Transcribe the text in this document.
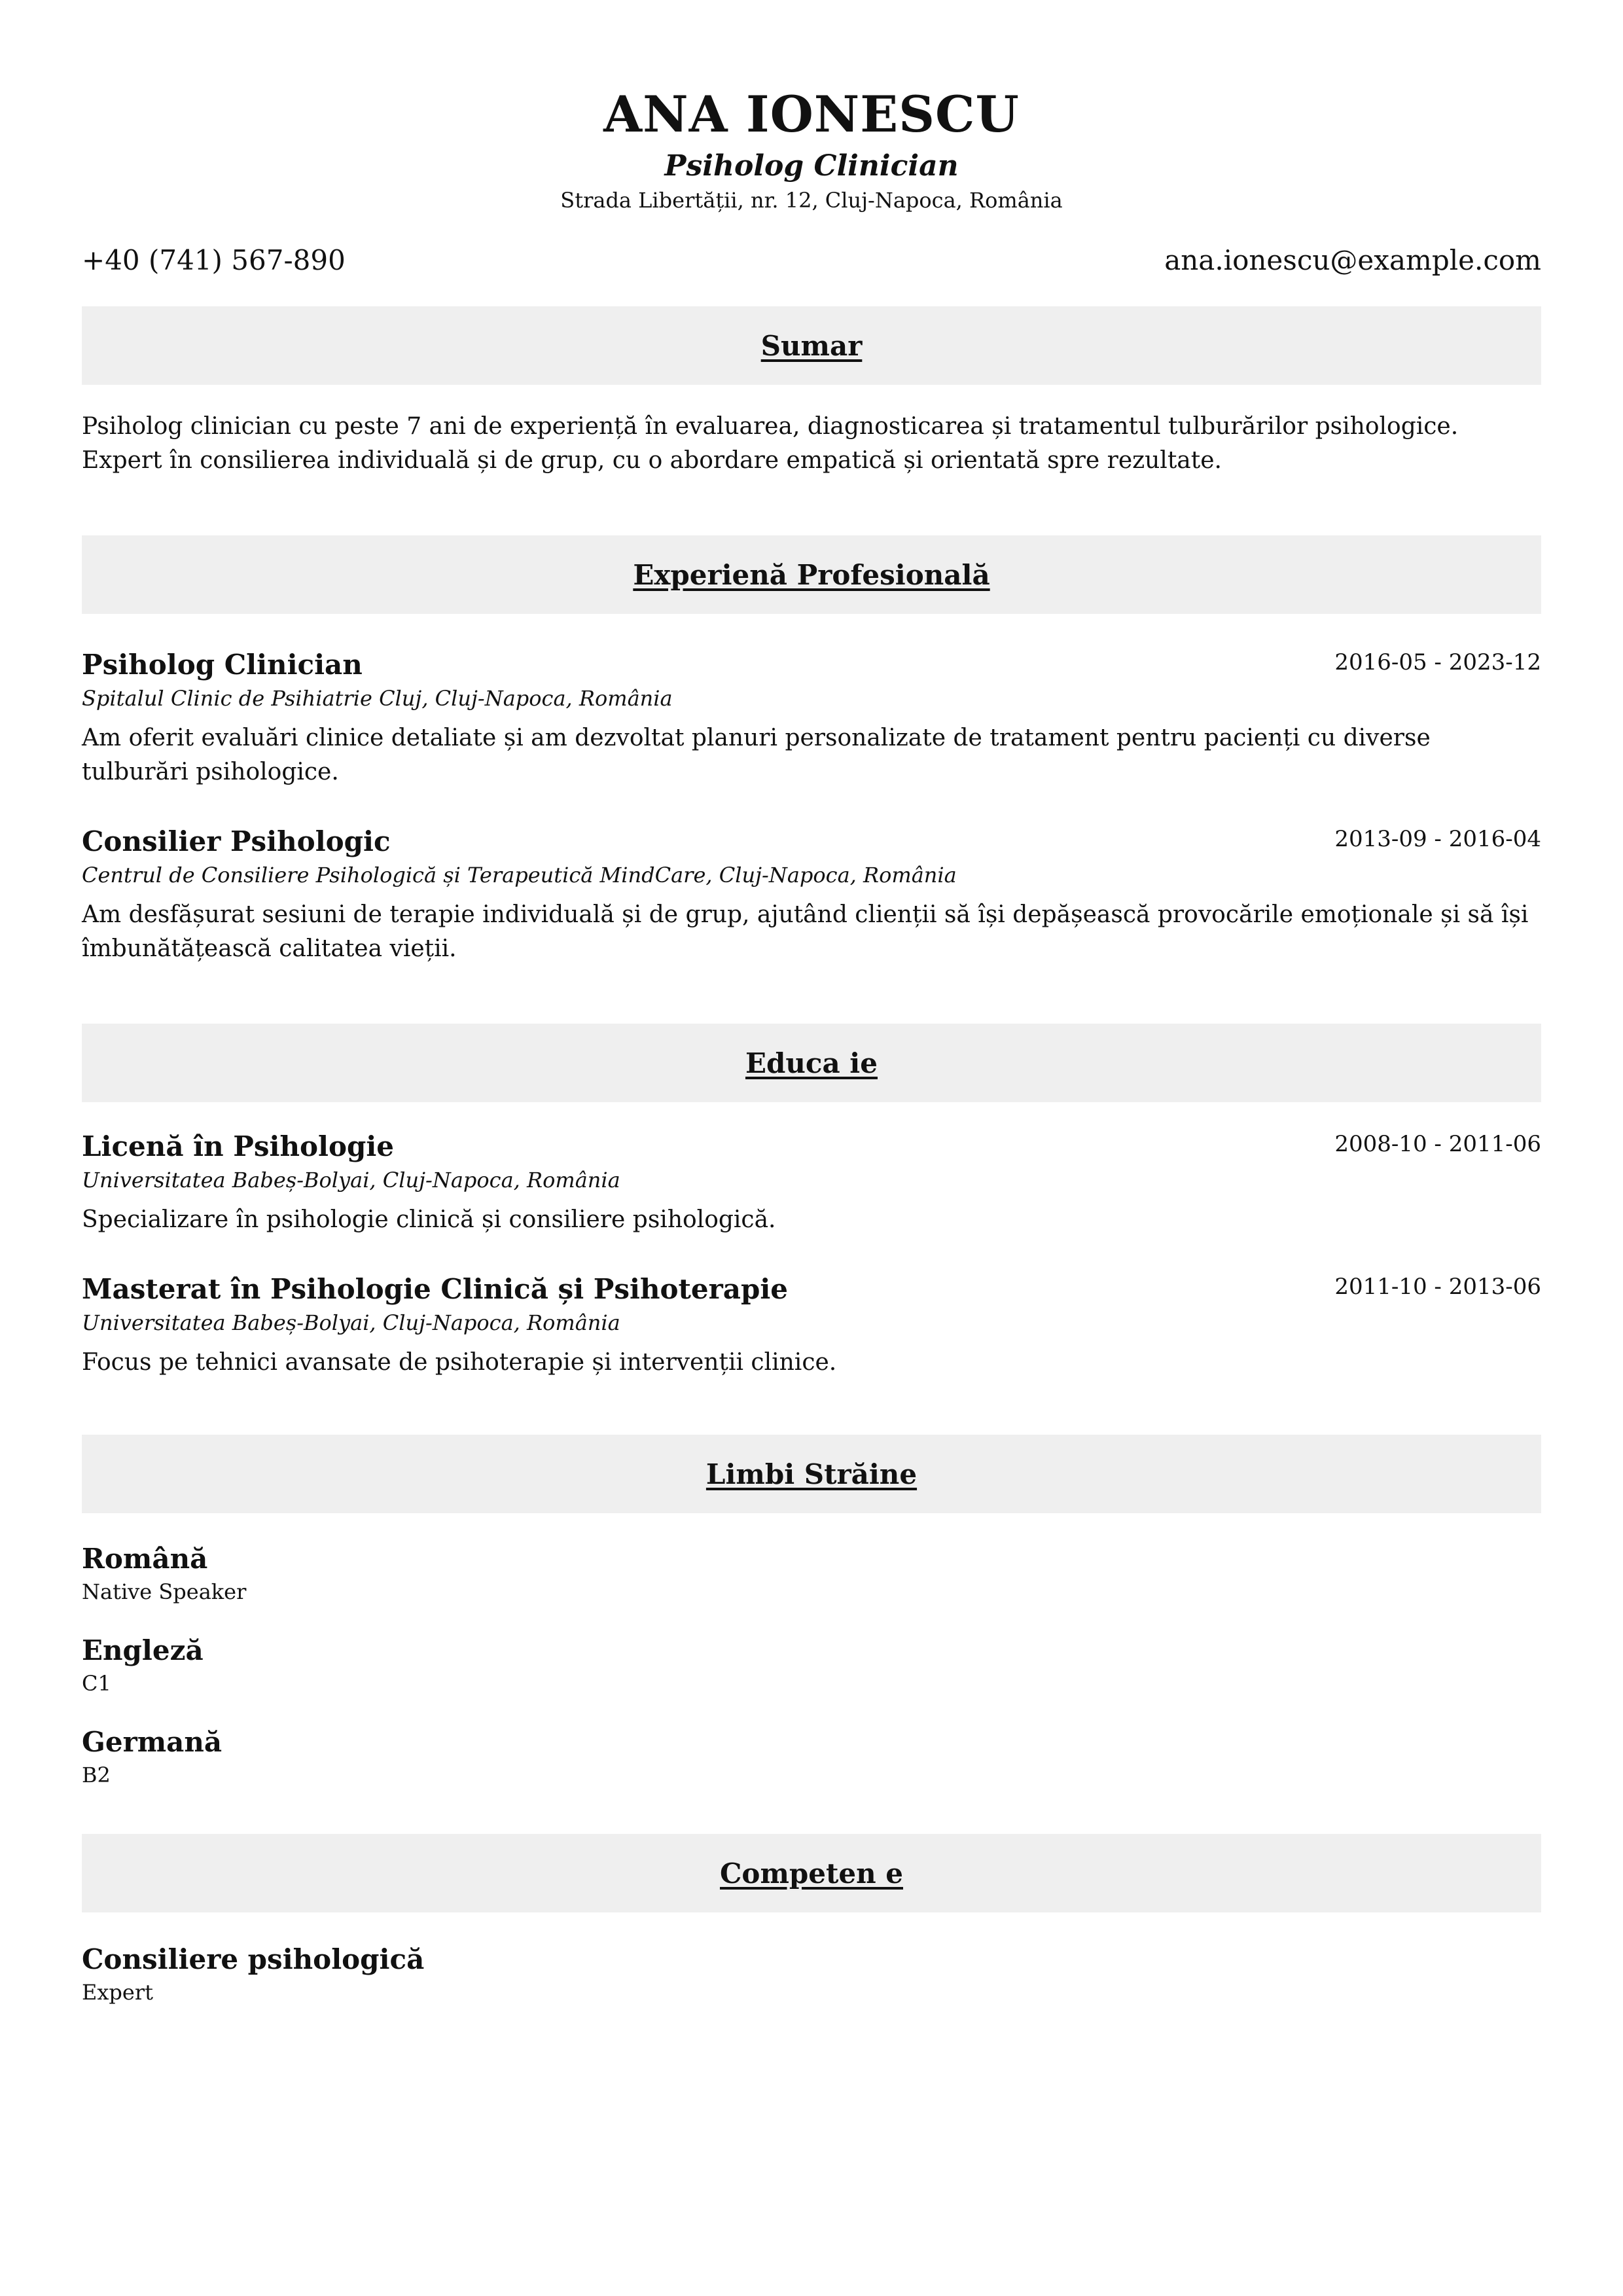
ANA IONESCU
Psiholog Clinician
Strada Libertății, nr. 12, Cluj-Napoca, România
+40 (741) 567-890	ana.ionescu@example.com
Sumar
Psiholog clinician cu peste 7 ani de experiență în evaluarea, diagnosticarea și tratamentul tulburărilor psihologice. Expert în consilierea individuală și de grup, cu o abordare empatică și orientată spre rezultate.
Experienă Profesională
Psiholog Clinician	2016-05 - 2023-12
Spitalul Clinic de Psihiatrie Cluj, Cluj-Napoca, România
Am oferit evaluări clinice detaliate și am dezvoltat planuri personalizate de tratament pentru pacienți cu diverse tulburări psihologice.
Consilier Psihologic	2013-09 - 2016-04
Centrul de Consiliere Psihologică și Terapeutică MindCare, Cluj-Napoca, România
Am desfășurat sesiuni de terapie individuală și de grup, ajutând clienții să își depășească provocările emoționale și să își îmbunătățească calitatea vieții.
Educa ie
Licenă în Psihologie	2008-10 - 2011-06
Universitatea Babeș-Bolyai, Cluj-Napoca, România
Specializare în psihologie clinică și consiliere psihologică.
Masterat în Psihologie Clinică și Psihoterapie	2011-10 - 2013-06
Universitatea Babeș-Bolyai, Cluj-Napoca, România
Focus pe tehnici avansate de psihoterapie și intervenții clinice.
Limbi Străine
Română
Native Speaker
Engleză
C1
Germană
B2
Competen e
Consiliere psihologică
Expert
